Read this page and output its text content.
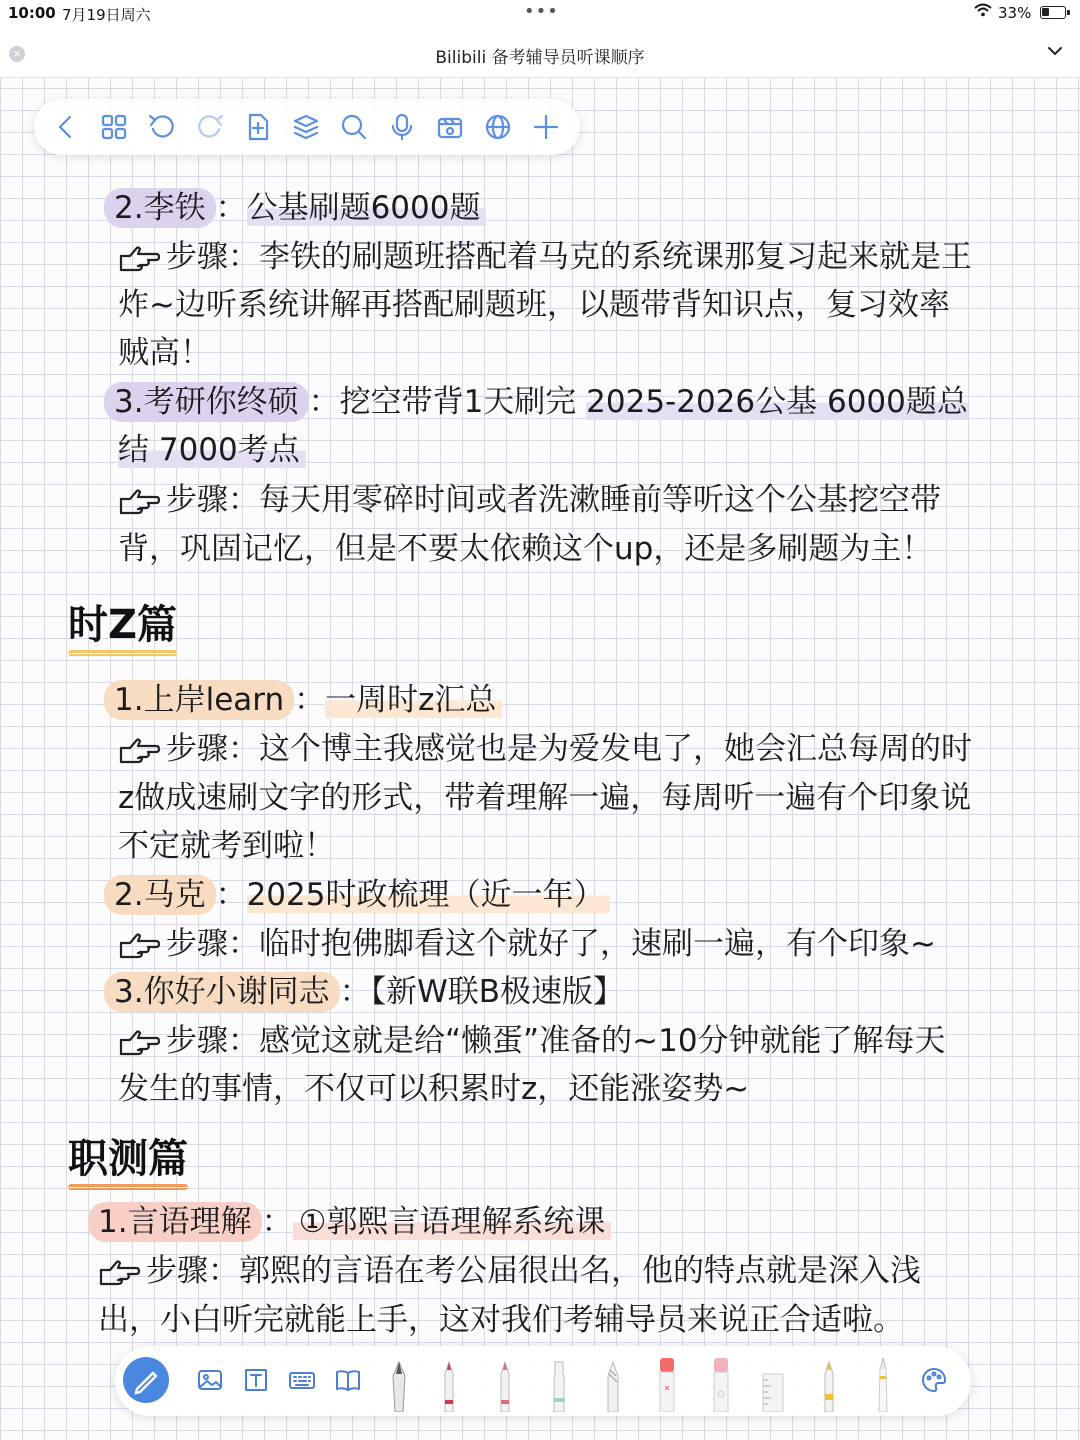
10:00 7月19日周六	•••	33%
×	Bilibili 备考辅导员听课顺序
2.李铁 ：公基刷题6000题
步骤：李铁的刷题班搭配着马克的系统课那复习起来就是王
炸~边听系统讲解再搭配刷题班，以题带背知识点，复习效率
贼高！
3.考研你终硕 ：挖空带背1天刷完 2025-2026公基 6000题总
结 7000考点
步骤：每天用零碎时间或者洗漱睡前等听这个公基挖空带
背，巩固记忆，但是不要太依赖这个up，还是多刷题为主！
时Z篇
1.上岸learn ：一周时z汇总
步骤：这个博主我感觉也是为爱发电了，她会汇总每周的时
z做成速刷文字的形式，带着理解一遍，每周听一遍有个印象说
不定就考到啦！
2.马克 ：2025时政梳理（近一年）
步骤：临时抱佛脚看这个就好了，速刷一遍，有个印象~
3.你好小谢同志 ：【新W联B极速版】
步骤：感觉这就是给“懒蛋”准备的~10分钟就能了解每天
发生的事情，不仅可以积累时z，还能涨姿势~
职测篇
1.言语理解 ： ①郭熙言语理解系统课
步骤：郭熙的言语在考公届很出名，他的特点就是深入浅
出，小白听完就能上手，这对我们考辅导员来说正合适啦。
